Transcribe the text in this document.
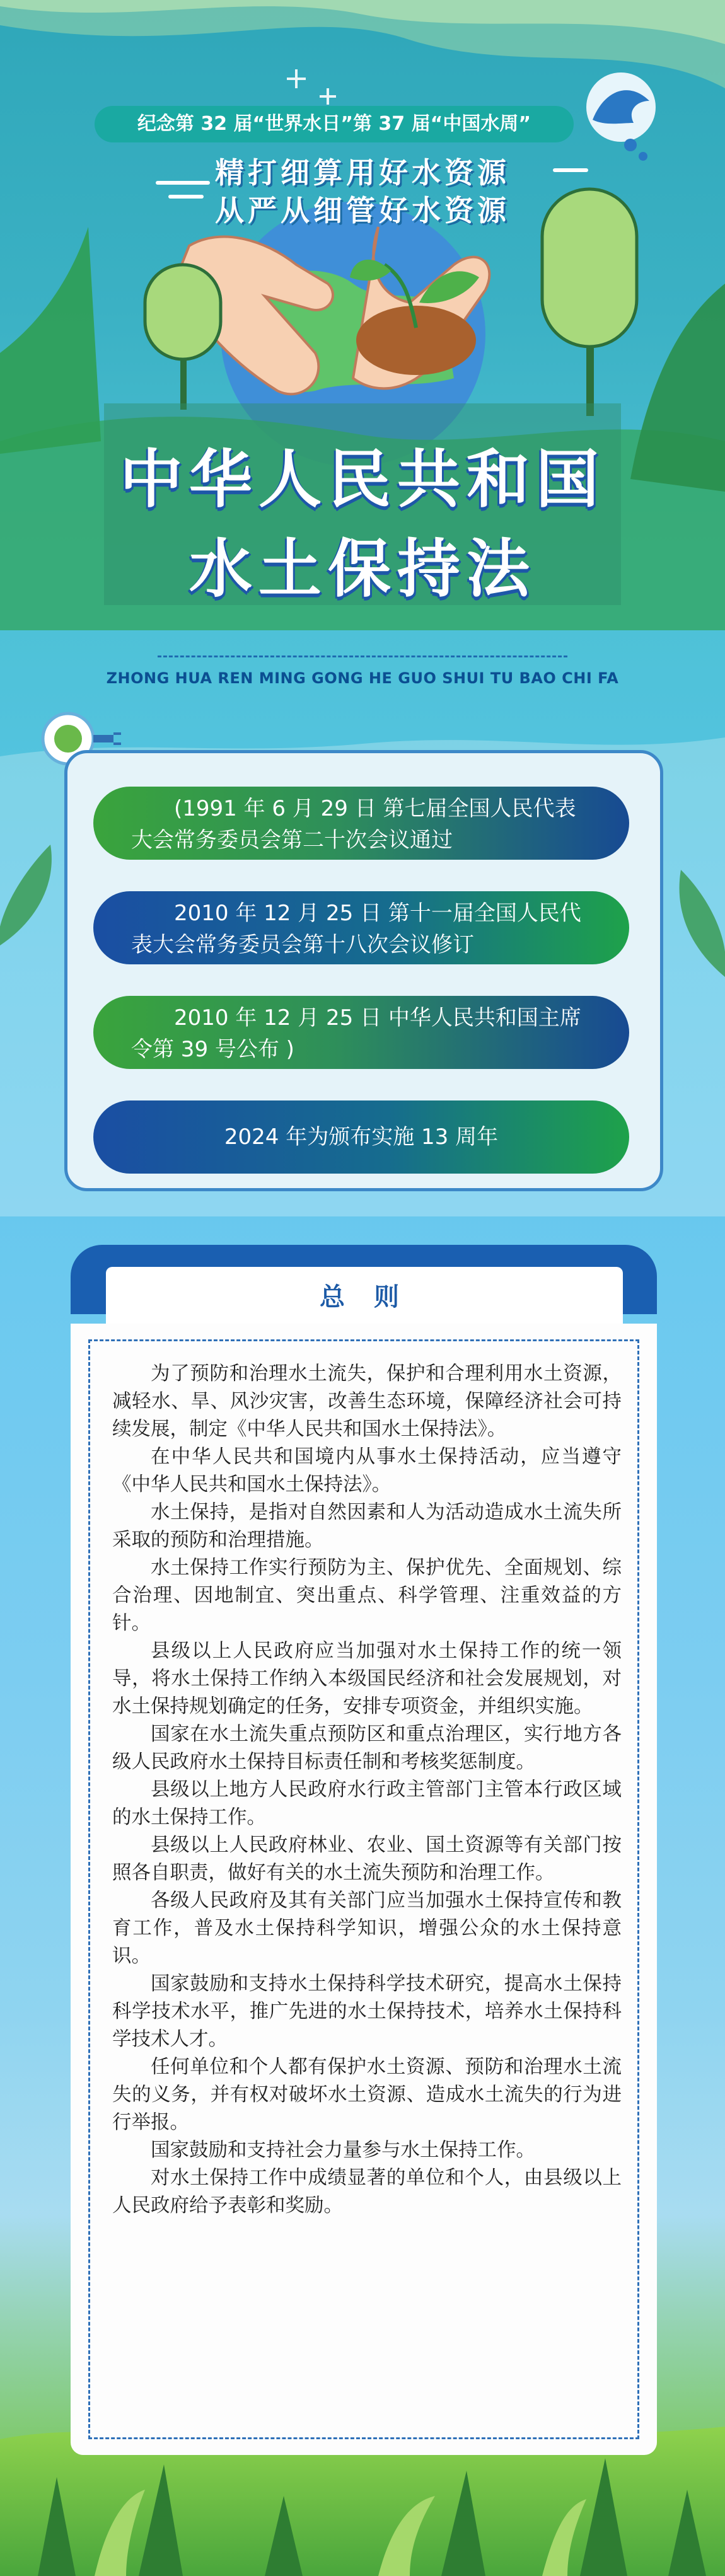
纪念第 32 届“世界水日”第 37 届“中国水周”
精打细算用好水资源
从严从细管好水资源
中华人民共和国
水土保持法
ZHONG HUA REN MING GONG HE GUO SHUI TU BAO CHI FA
(1991 年 6 月 29 日 第七届全国人民代表大会常务委员会第二十次会议通过
2010 年 12 月 25 日 第十一届全国人民代表大会常务委员会第十八次会议修订
2010 年 12 月 25 日 中华人民共和国主席令第 39 号公布 )
2024 年为颁布实施 13 周年
总 则

为了预防和治理水土流失，保护和合理利用水土资源，减轻水、旱、风沙灾害，改善生态环境，保障经济社会可持续发展，制定《中华人民共和国水土保持法》。

在中华人民共和国境内从事水土保持活动，应当遵守《中华人民共和国水土保持法》。

水土保持，是指对自然因素和人为活动造成水土流失所采取的预防和治理措施。

水土保持工作实行预防为主、保护优先、全面规划、综合治理、因地制宜、突出重点、科学管理、注重效益的方针。

县级以上人民政府应当加强对水土保持工作的统一领导，将水土保持工作纳入本级国民经济和社会发展规划，对水土保持规划确定的任务，安排专项资金，并组织实施。

国家在水土流失重点预防区和重点治理区，实行地方各级人民政府水土保持目标责任制和考核奖惩制度。

县级以上地方人民政府水行政主管部门主管本行政区域的水土保持工作。

县级以上人民政府林业、农业、国土资源等有关部门按照各自职责，做好有关的水土流失预防和治理工作。

各级人民政府及其有关部门应当加强水土保持宣传和教育工作，普及水土保持科学知识，增强公众的水土保持意识。

国家鼓励和支持水土保持科学技术研究，提高水土保持科学技术水平，推广先进的水土保持技术，培养水土保持科学技术人才。

任何单位和个人都有保护水土资源、预防和治理水土流失的义务，并有权对破坏水土资源、造成水土流失的行为进行举报。

国家鼓励和支持社会力量参与水土保持工作。

对水土保持工作中成绩显著的单位和个人，由县级以上人民政府给予表彰和奖励。
